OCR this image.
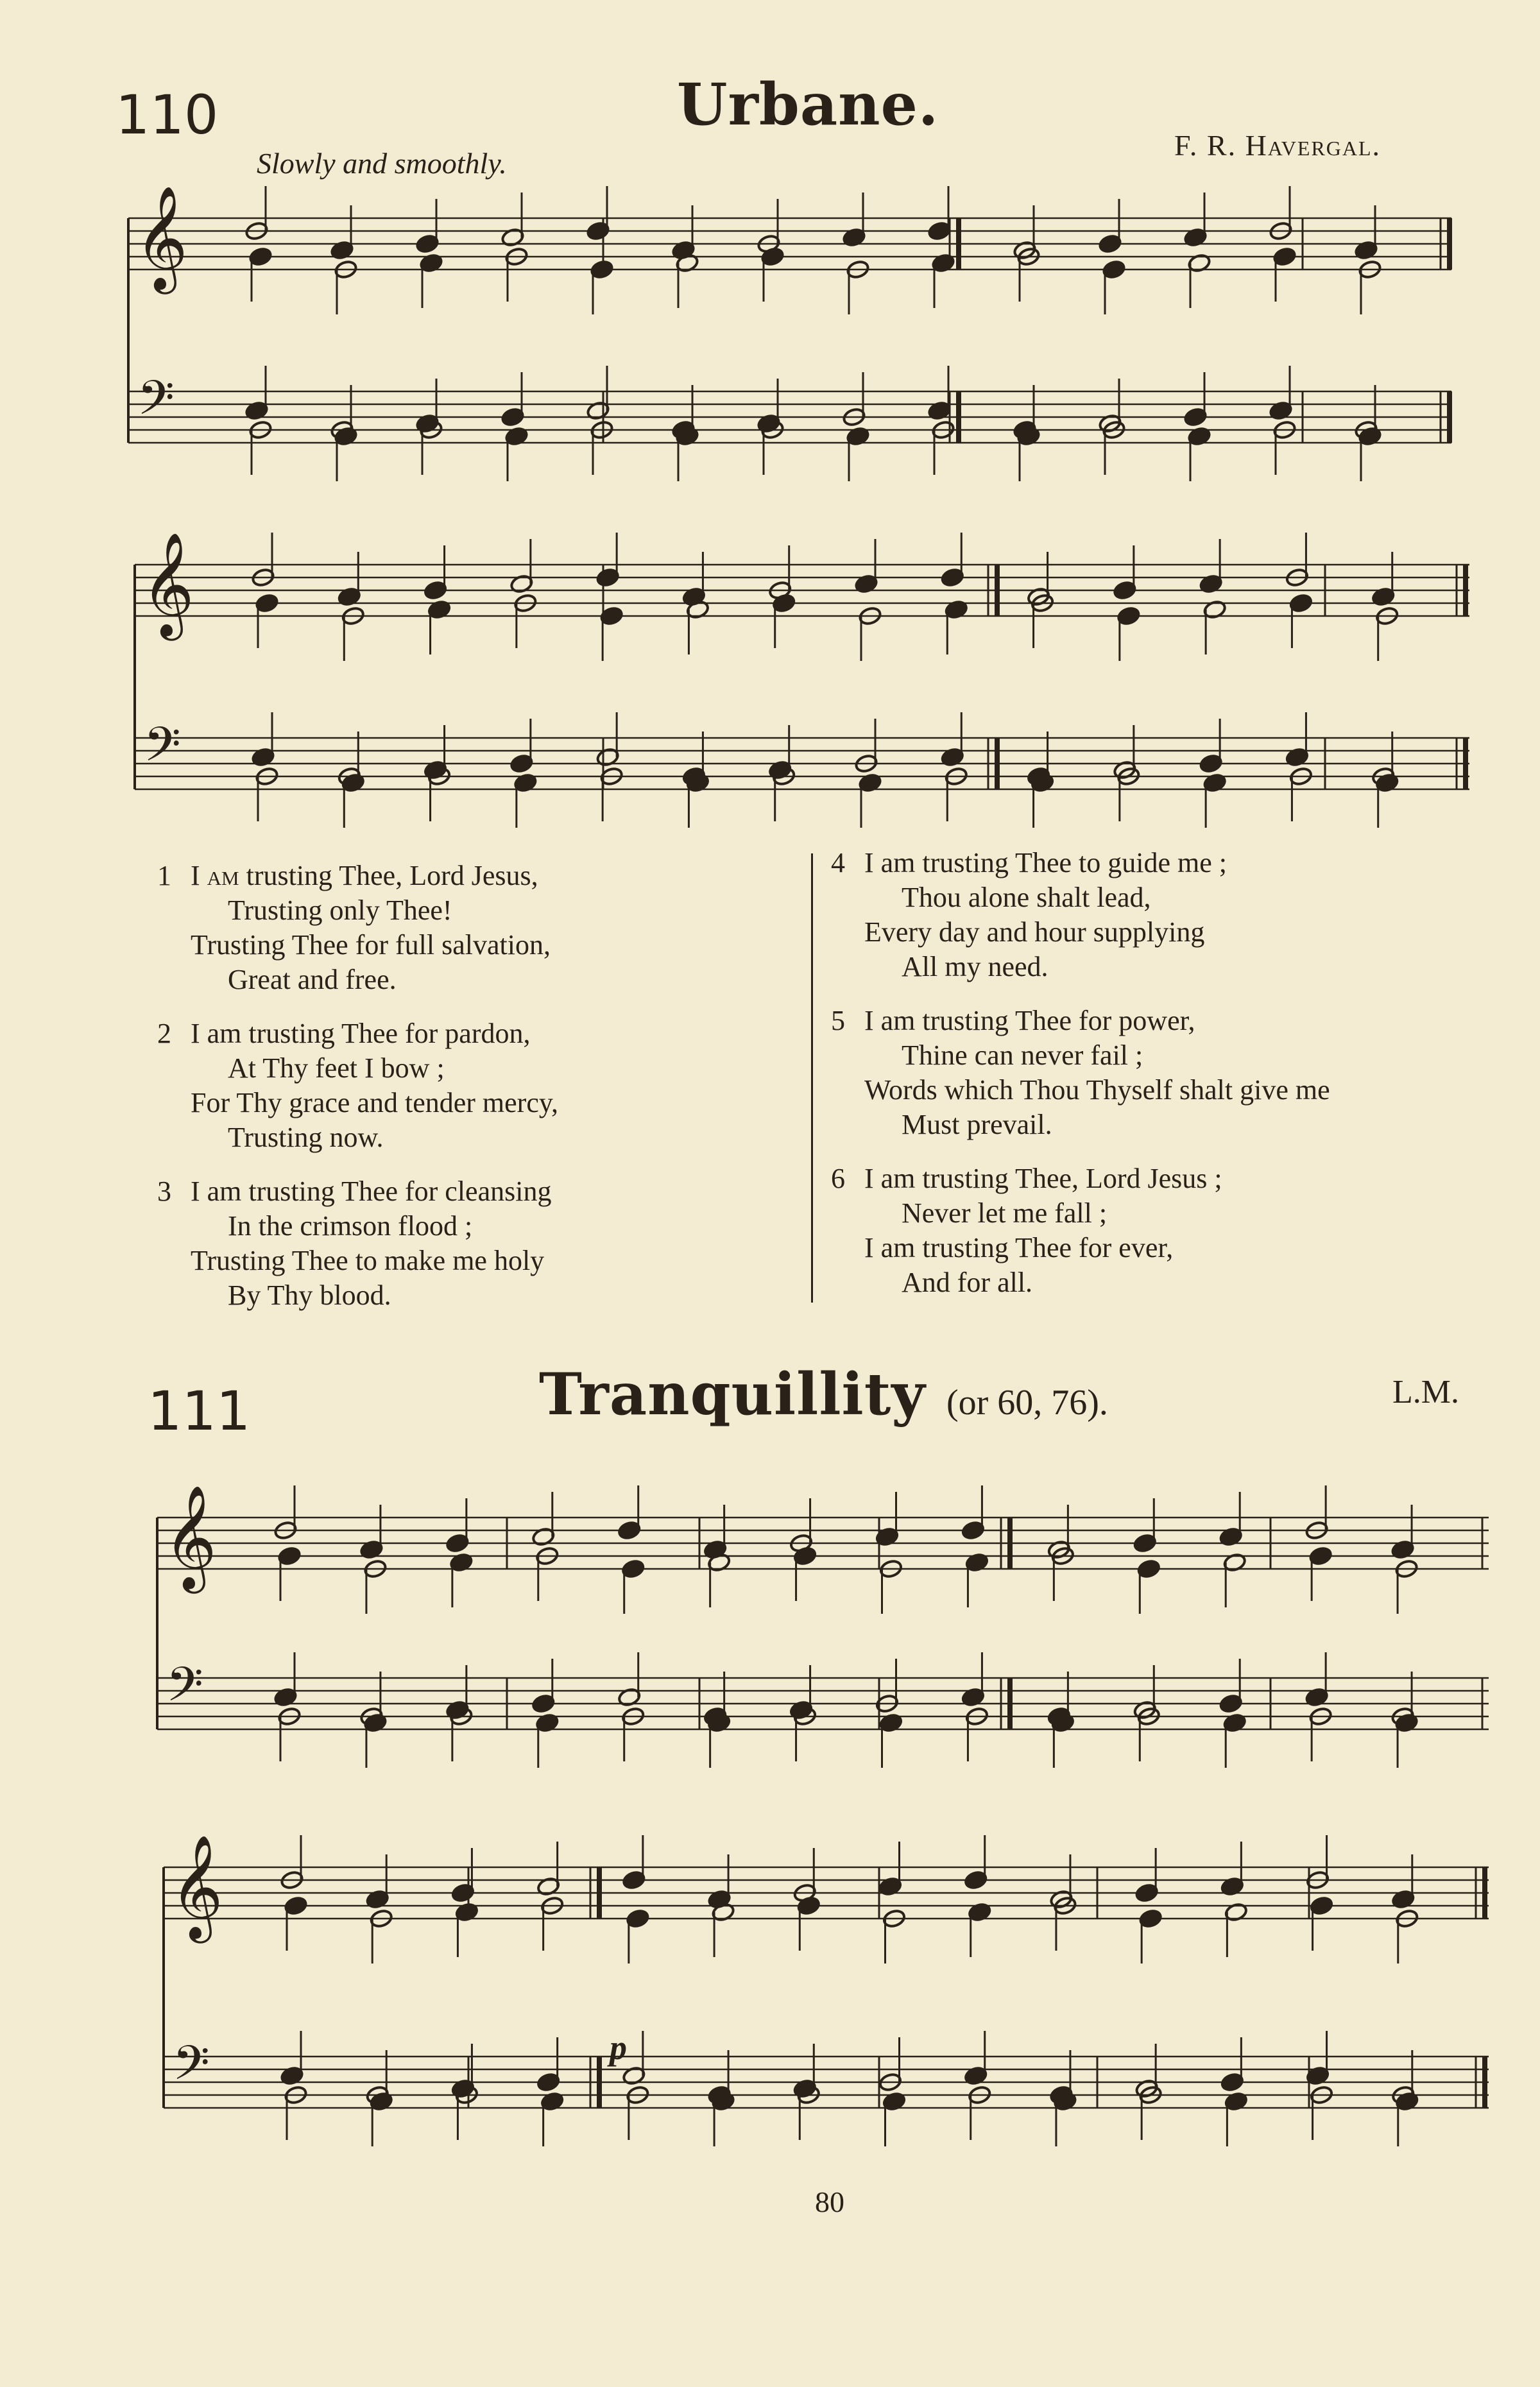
110	Urbane.
F. R. Havergal.
Slowly and smoothly.
111	Tranquillity (or 60, 76).	L.M.
p
𝄞
𝄢
𝄞
𝄢
𝄞
𝄢
𝄞
𝄢
1 I am trusting Thee, Lord Jesus,
Trusting only Thee!
Trusting Thee for full salvation,
Great and free.
2 I am trusting Thee for pardon,
At Thy feet I bow ;
For Thy grace and tender mercy,
Trusting now.
3 I am trusting Thee for cleansing
In the crimson flood ;
Trusting Thee to make me holy
By Thy blood.
4 I am trusting Thee to guide me ;
Thou alone shalt lead,
Every day and hour supplying
All my need.
5 I am trusting Thee for power,
Thine can never fail ;
Words which Thou Thyself shalt give me
Must prevail.
6 I am trusting Thee, Lord Jesus ;
Never let me fall ;
I am trusting Thee for ever,
And for all.
80
